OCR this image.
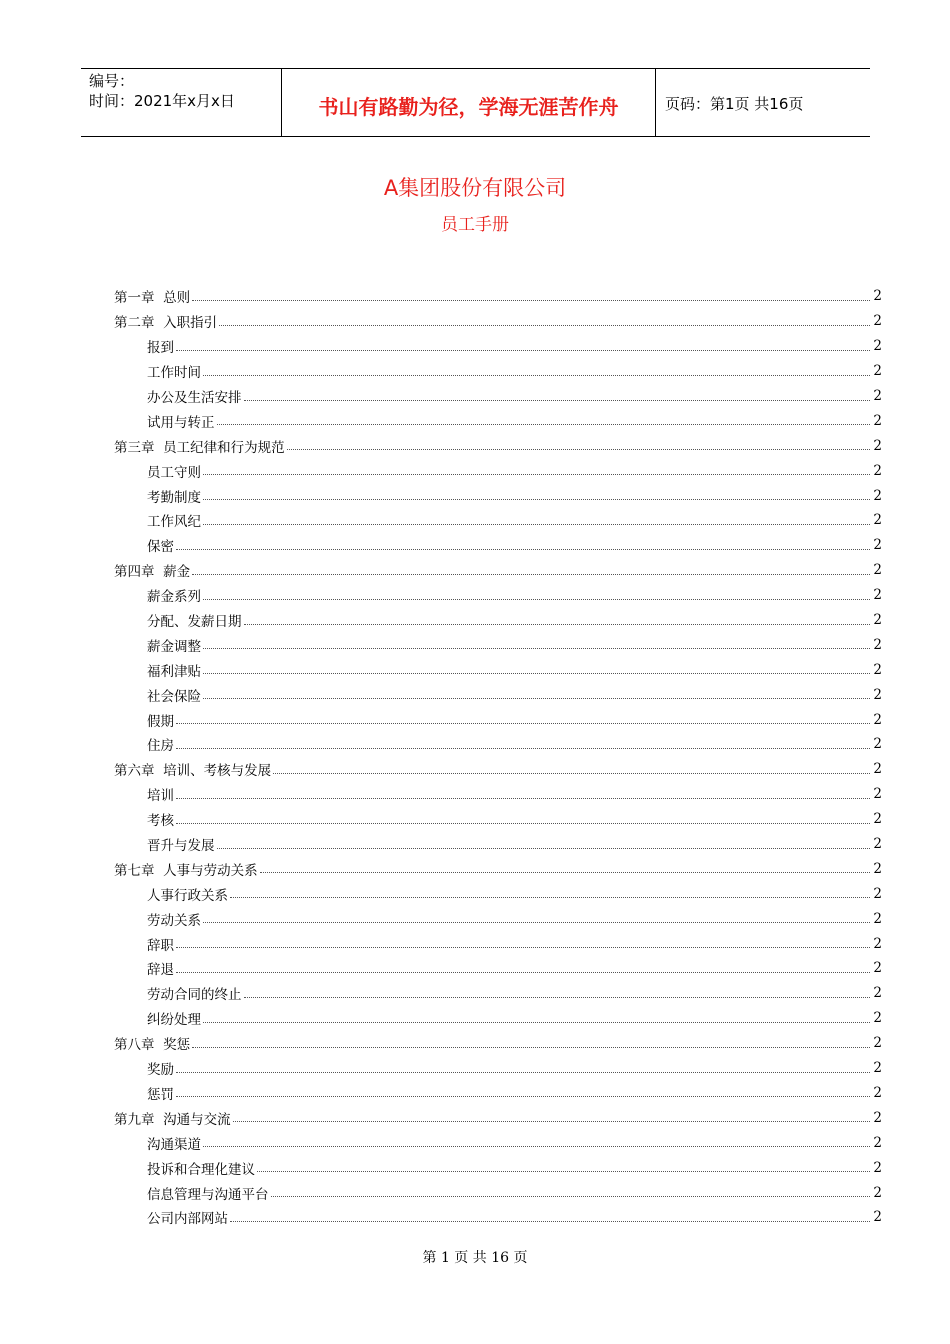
编号：
时间：2021年x月x日	书山有路勤为径，学海无涯苦作舟	页码：第1页 共16页
A集团股份有限公司
员工手册
第一章  总则	2
第二章  入职指引	2
报到	2
工作时间	2
办公及生活安排	2
试用与转正	2
第三章  员工纪律和行为规范	2
员工守则	2
考勤制度	2
工作风纪	2
保密	2
第四章  薪金	2
薪金系列	2
分配、发薪日期	2
薪金调整	2
福利津贴	2
社会保险	2
假期	2
住房	2
第六章  培训、考核与发展	2
培训	2
考核	2
晋升与发展	2
第七章  人事与劳动关系	2
人事行政关系	2
劳动关系	2
辞职	2
辞退	2
劳动合同的终止	2
纠纷处理	2
第八章  奖惩	2
奖励	2
惩罚	2
第九章  沟通与交流	2
沟通渠道	2
投诉和合理化建议	2
信息管理与沟通平台	2
公司内部网站	2
第 1 页 共 16 页
